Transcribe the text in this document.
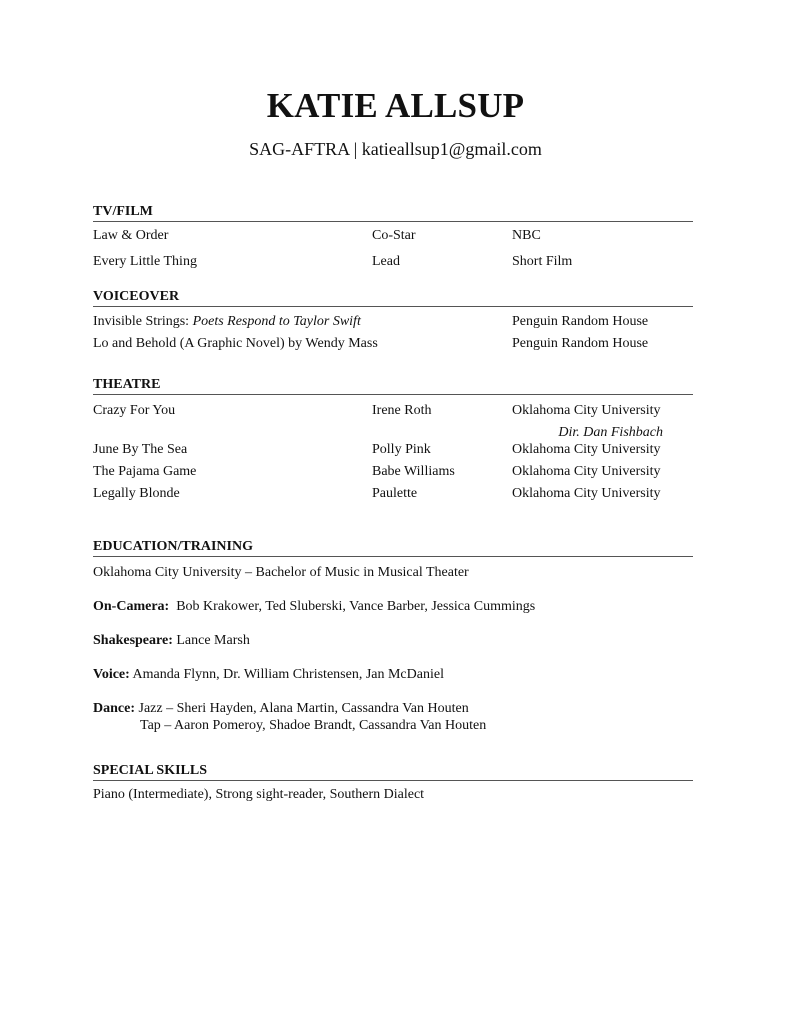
KATIE ALLSUP
SAG-AFTRA | katieallsup1@gmail.com
TV/FILM
Law & Order	Co-Star	NBC
Every Little Thing	Lead	Short Film
VOICEOVER
Invisible Strings: Poets Respond to Taylor Swift	Penguin Random House
Lo and Behold (A Graphic Novel) by Wendy Mass	Penguin Random House
THEATRE
Crazy For You	Irene Roth	Oklahoma City University
Dir. Dan Fishbach
June By The Sea	Polly Pink	Oklahoma City University
The Pajama Game	Babe Williams	Oklahoma City University
Legally Blonde	Paulette	Oklahoma City University
EDUCATION/TRAINING
Oklahoma City University – Bachelor of Music in Musical Theater
On-Camera: Bob Krakower, Ted Sluberski, Vance Barber, Jessica Cummings
Shakespeare: Lance Marsh
Voice: Amanda Flynn, Dr. William Christensen, Jan McDaniel
Dance: Jazz – Sheri Hayden, Alana Martin, Cassandra Van Houten
Tap – Aaron Pomeroy, Shadoe Brandt, Cassandra Van Houten
SPECIAL SKILLS
Piano (Intermediate), Strong sight-reader, Southern Dialect
